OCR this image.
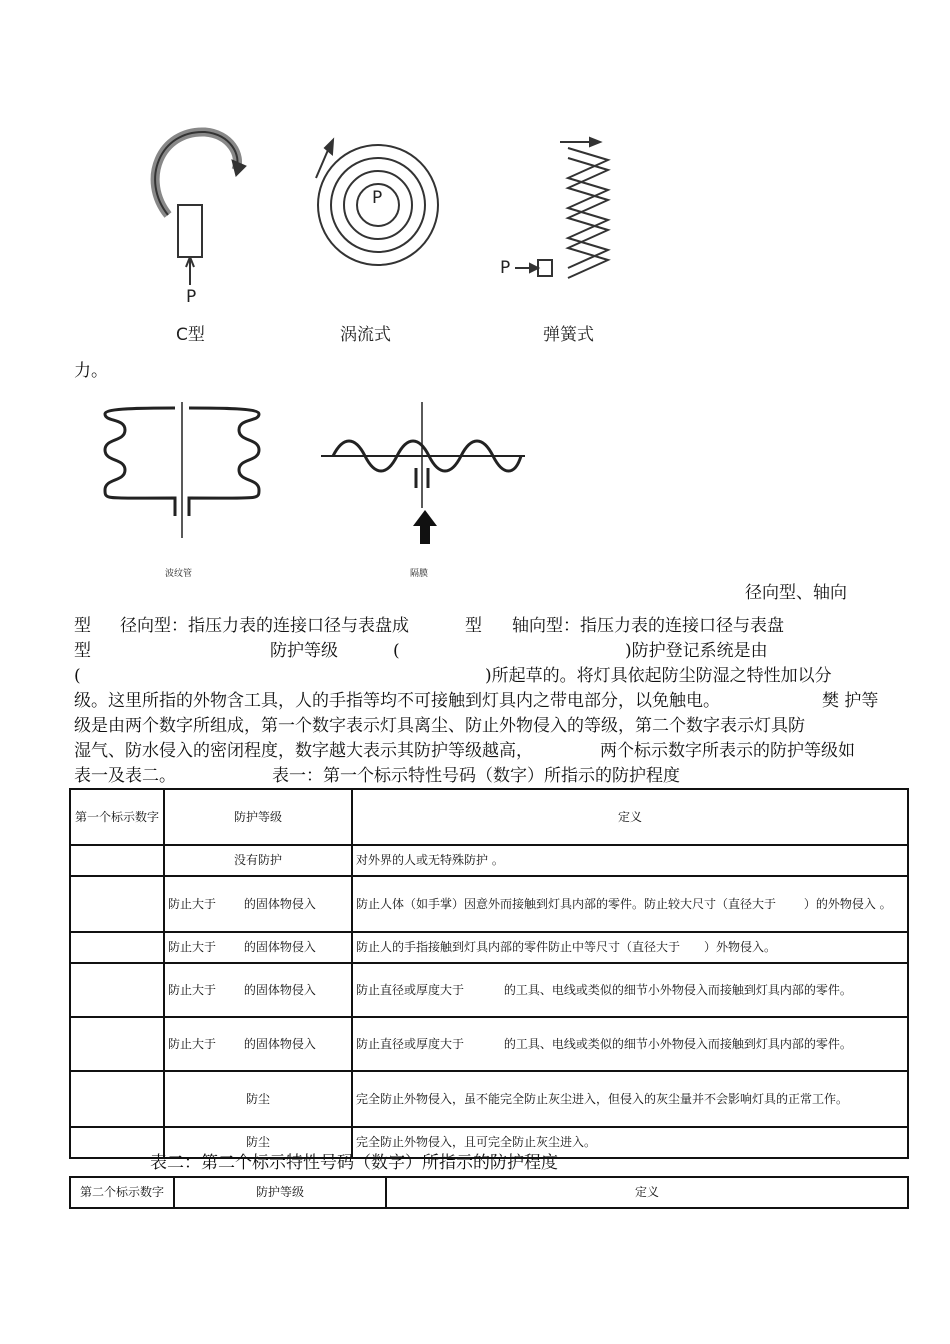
P
P
P
C型	涡流式	弹簧式
力。
波纹管	隔膜
径向型、轴向
型 径向型：指压力表的连接口径与表盘成	型 轴向型：指压力表的连接口径与表盘
型	防护等级	(	)防护登记系统是由
(	)所起草的。将灯具依起防尘防湿之特性加以分
级。这里所指的外物含工具，人的手指等均不可接触到灯具内之带电部分，以免触电。	樊 护等
级是由两个数字所组成，第一个数字表示灯具离尘、防止外物侵入的等级，第二个数字表示灯具防
湿气、防水侵入的密闭程度，数字越大表示其防护等级越高，	两个标示数字所表示的防护等级如
表一及表二。	表一：第一个标示特性号码（数字）所指示的防护程度
第一个标示数字	防护等级	定义
	没有防护	对外界的人或无特殊防护 。
	防止大于　　 的固体物侵入	防止人体（如手掌）因意外而接触到灯具内部的零件。防止较大尺寸（直径大于　　 ）的外物侵入 。
	防止大于　　 的固体物侵入	防止人的手指接触到灯具内部的零件防止中等尺寸（直径大于　　）外物侵入。
	防止大于　　 的固体物侵入	防止直径或厚度大于　　　 的工具、电线或类似的细节小外物侵入而接触到灯具内部的零件。
	防止大于　　 的固体物侵入	防止直径或厚度大于　　　 的工具、电线或类似的细节小外物侵入而接触到灯具内部的零件。
	防尘	完全防止外物侵入，虽不能完全防止灰尘进入，但侵入的灰尘量并不会影响灯具的正常工作。
	防尘	完全防止外物侵入，且可完全防止灰尘进入。
表二：第二个标示特性号码（数字）所指示的防护程度
第二个标示数字	防护等级	定义
